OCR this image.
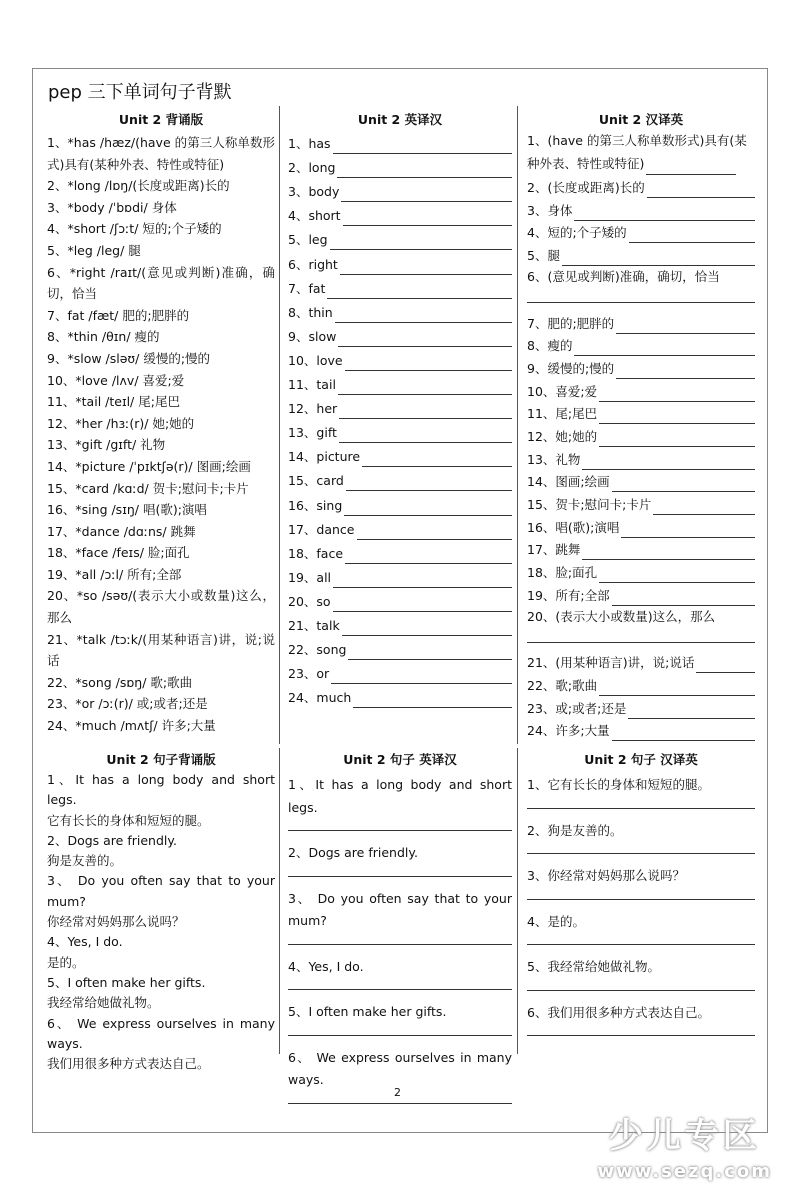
pep 三下单词句子背默
Unit 2 背诵版
1、*has /hæz/(have 的第三人称单数形式)具有(某种外表、特性或特征)
2、*long /lɒŋ/(长度或距离)长的
3、*body /ˈbɒdi/ 身体
4、*short /ʃɔːt/ 短的;个子矮的
5、*leg /leg/ 腿
6、*right /raɪt/(意见或判断)准确，确切，恰当
7、fat /fæt/ 肥的;肥胖的
8、*thin /θɪn/ 瘦的
9、*slow /sləʊ/ 缓慢的;慢的
10、*love /lʌv/ 喜爱;爱
11、*tail /teɪl/ 尾;尾巴
12、*her /hɜː(r)/ 她;她的
13、*gift /gɪft/ 礼物
14、*picture /ˈpɪktʃə(r)/ 图画;绘画
15、*card /kɑːd/ 贺卡;慰问卡;卡片
16、*sing /sɪŋ/ 唱(歌);演唱
17、*dance /dɑːns/ 跳舞
18、*face /feɪs/ 脸;面孔
19、*all /ɔːl/ 所有;全部
20、*so /səʊ/(表示大小或数量)这么，那么
21、*talk /tɔːk/(用某种语言)讲，说;说话
22、*song /sɒŋ/ 歌;歌曲
23、*or /ɔː(r)/ 或;或者;还是
24、*much /mʌtʃ/ 许多;大量
Unit 2 英译汉
1、has
2、long
3、body
4、short
5、leg
6、right
7、fat
8、thin
9、slow
10、love
11、tail
12、her
13、gift
14、picture
15、card
16、sing
17、dance
18、face
19、all
20、so
21、talk
22、song
23、or
24、much
Unit 2 汉译英
1、(have 的第三人称单数形式)具有(某种外表、特性或特征)
2、(长度或距离)长的
3、身体
4、短的;个子矮的
5、腿
6、(意见或判断)准确，确切，恰当
7、肥的;肥胖的
8、瘦的
9、缓慢的;慢的
10、喜爱;爱
11、尾;尾巴
12、她;她的
13、礼物
14、图画;绘画
15、贺卡;慰问卡;卡片
16、唱(歌);演唱
17、跳舞
18、脸;面孔
19、所有;全部
20、(表示大小或数量)这么，那么
21、(用某种语言)讲，说;说话
22、歌;歌曲
23、或;或者;还是
24、许多;大量
Unit 2 句子背诵版
1、It has a long body and short legs.
它有长长的身体和短短的腿。
2、Dogs are friendly.
狗是友善的。
3、 Do you often say that to your mum?
你经常对妈妈那么说吗？
4、Yes, I do.
是的。
5、I often make her gifts.
我经常给她做礼物。
6、 We express ourselves in many ways.
我们用很多种方式表达自己。
Unit 2 句子 英译汉
1、It has a long body and short legs.
2、Dogs are friendly.
3、 Do you often say that to your mum?
4、Yes, I do.
5、I often make her gifts.
6、 We express ourselves in many ways.
Unit 2 句子 汉译英
1、它有长长的身体和短短的腿。
2、狗是友善的。
3、你经常对妈妈那么说吗？
4、是的。
5、我经常给她做礼物。
6、我们用很多种方式表达自己。
2
少儿专区
www.sezq.com
